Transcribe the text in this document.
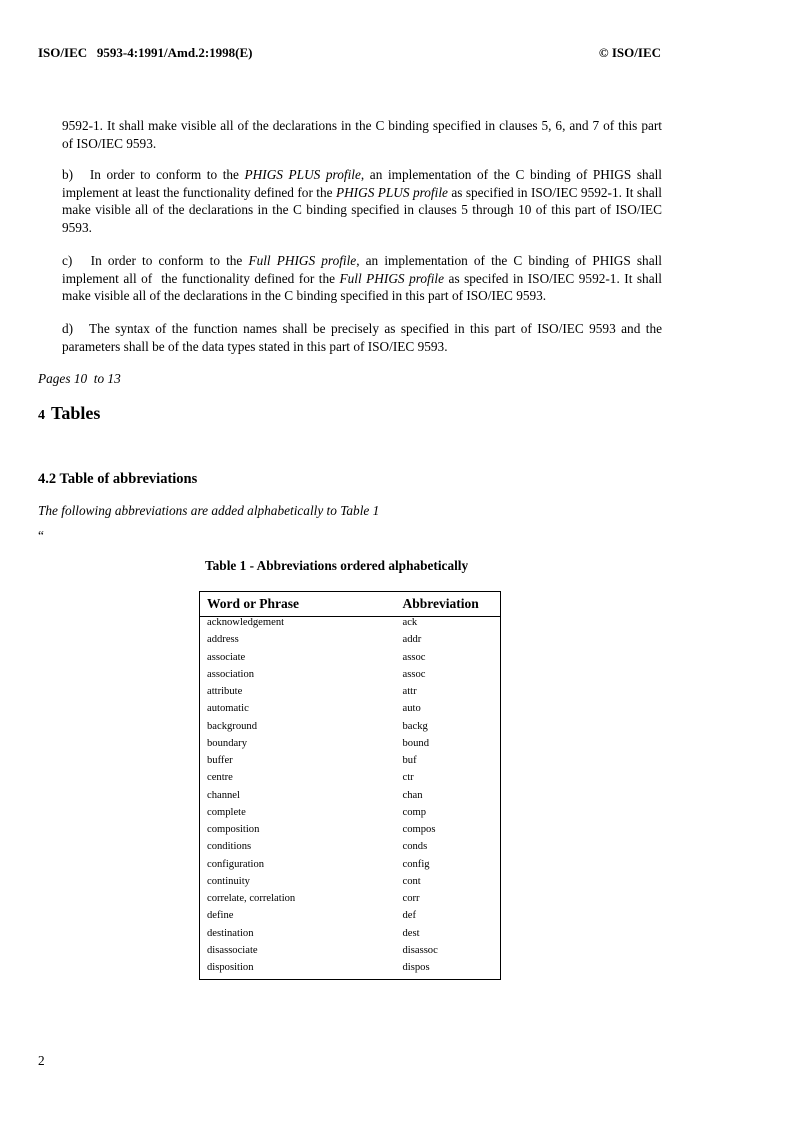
ISO/IEC   9593-4:1991/Amd.2:1998(E)	© ISO/IEC

9592-1. It shall make visible all of the declarations in the C binding specified in clauses 5, 6, and 7 of this part of ISO/IEC 9593.

b)   In order to conform to the PHIGS PLUS profile, an implementation of the C binding of PHIGS shall implement at least the functionality defined for the PHIGS PLUS profile as specified in ISO/IEC 9592-1. It shall make visible all of the declarations in the C binding specified in clauses 5 through 10 of this part of ISO/IEC 9593.

c)   In order to conform to the Full PHIGS profile, an implementation of the C binding of PHIGS shall implement all of  the functionality defined for the Full PHIGS profile as specifed in ISO/IEC 9592-1. It shall make visible all of the declarations in the C binding specified in this part of ISO/IEC 9593.

d)   The syntax of the function names shall be precisely as specified in this part of ISO/IEC 9593 and the parameters shall be of the data types stated in this part of ISO/IEC 9593.

Pages 10  to 13
4 Tables
4.2 Table of abbreviations
The following abbreviations are added alphabetically to Table 1
“
Table 1 - Abbreviations ordered alphabetically
Word or Phrase	Abbreviation
acknowledgement	ack
address	addr
associate	assoc
association	assoc
attribute	attr
automatic	auto
background	backg
boundary	bound
buffer	buf
centre	ctr
channel	chan
complete	comp
composition	compos
conditions	conds
configuration	config
continuity	cont
correlate, correlation	corr
define	def
destination	dest
disassociate	disassoc
disposition	dispos
2
